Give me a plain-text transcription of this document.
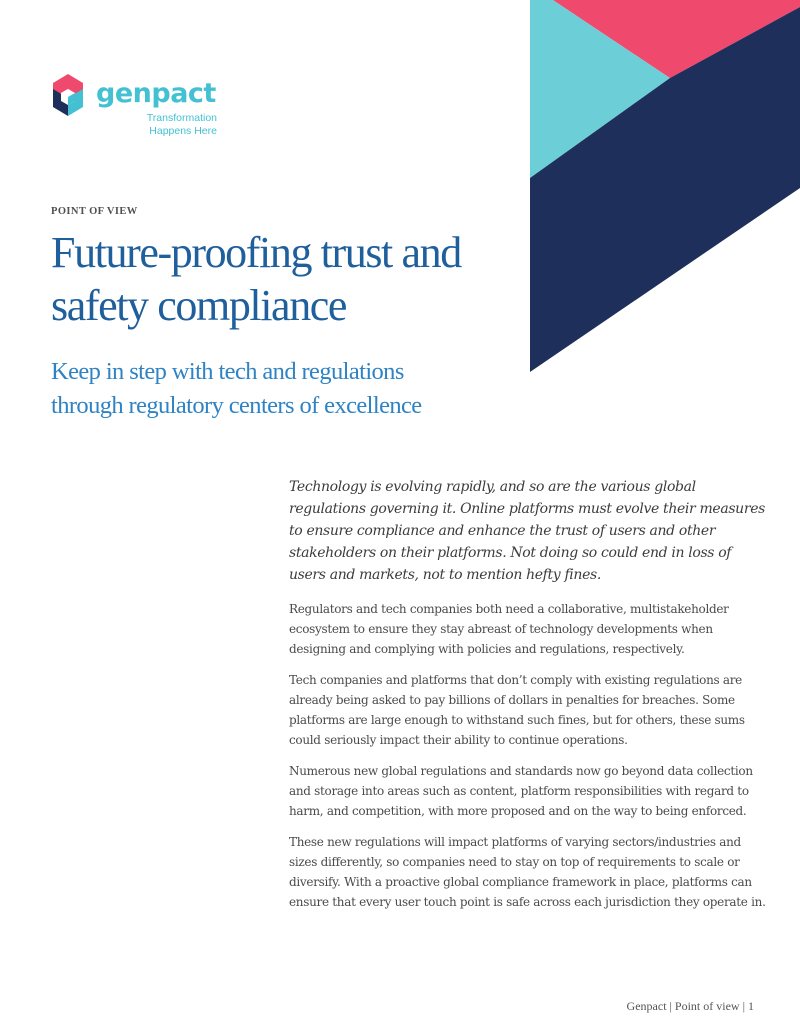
genpact
Transformation
Happens Here
POINT OF VIEW
Future-proofing trust and
safety compliance
Keep in step with tech and regulations
through regulatory centers of excellence

Technology is evolving rapidly, and so are the various global
regulations governing it. Online platforms must evolve their measures
to ensure compliance and enhance the trust of users and other
stakeholders on their platforms. Not doing so could end in loss of
users and markets, not to mention hefty fines.

Regulators and tech companies both need a collaborative, multistakeholder
ecosystem to ensure they stay abreast of technology developments when
designing and complying with policies and regulations, respectively.

Tech companies and platforms that don’t comply with existing regulations are
already being asked to pay billions of dollars in penalties for breaches. Some
platforms are large enough to withstand such fines, but for others, these sums
could seriously impact their ability to continue operations.

Numerous new global regulations and standards now go beyond data collection
and storage into areas such as content, platform responsibilities with regard to
harm, and competition, with more proposed and on the way to being enforced.

These new regulations will impact platforms of varying sectors/industries and
sizes differently, so companies need to stay on top of requirements to scale or
diversify. With a proactive global compliance framework in place, platforms can
ensure that every user touch point is safe across each jurisdiction they operate in.

Genpact | Point of view | 1
